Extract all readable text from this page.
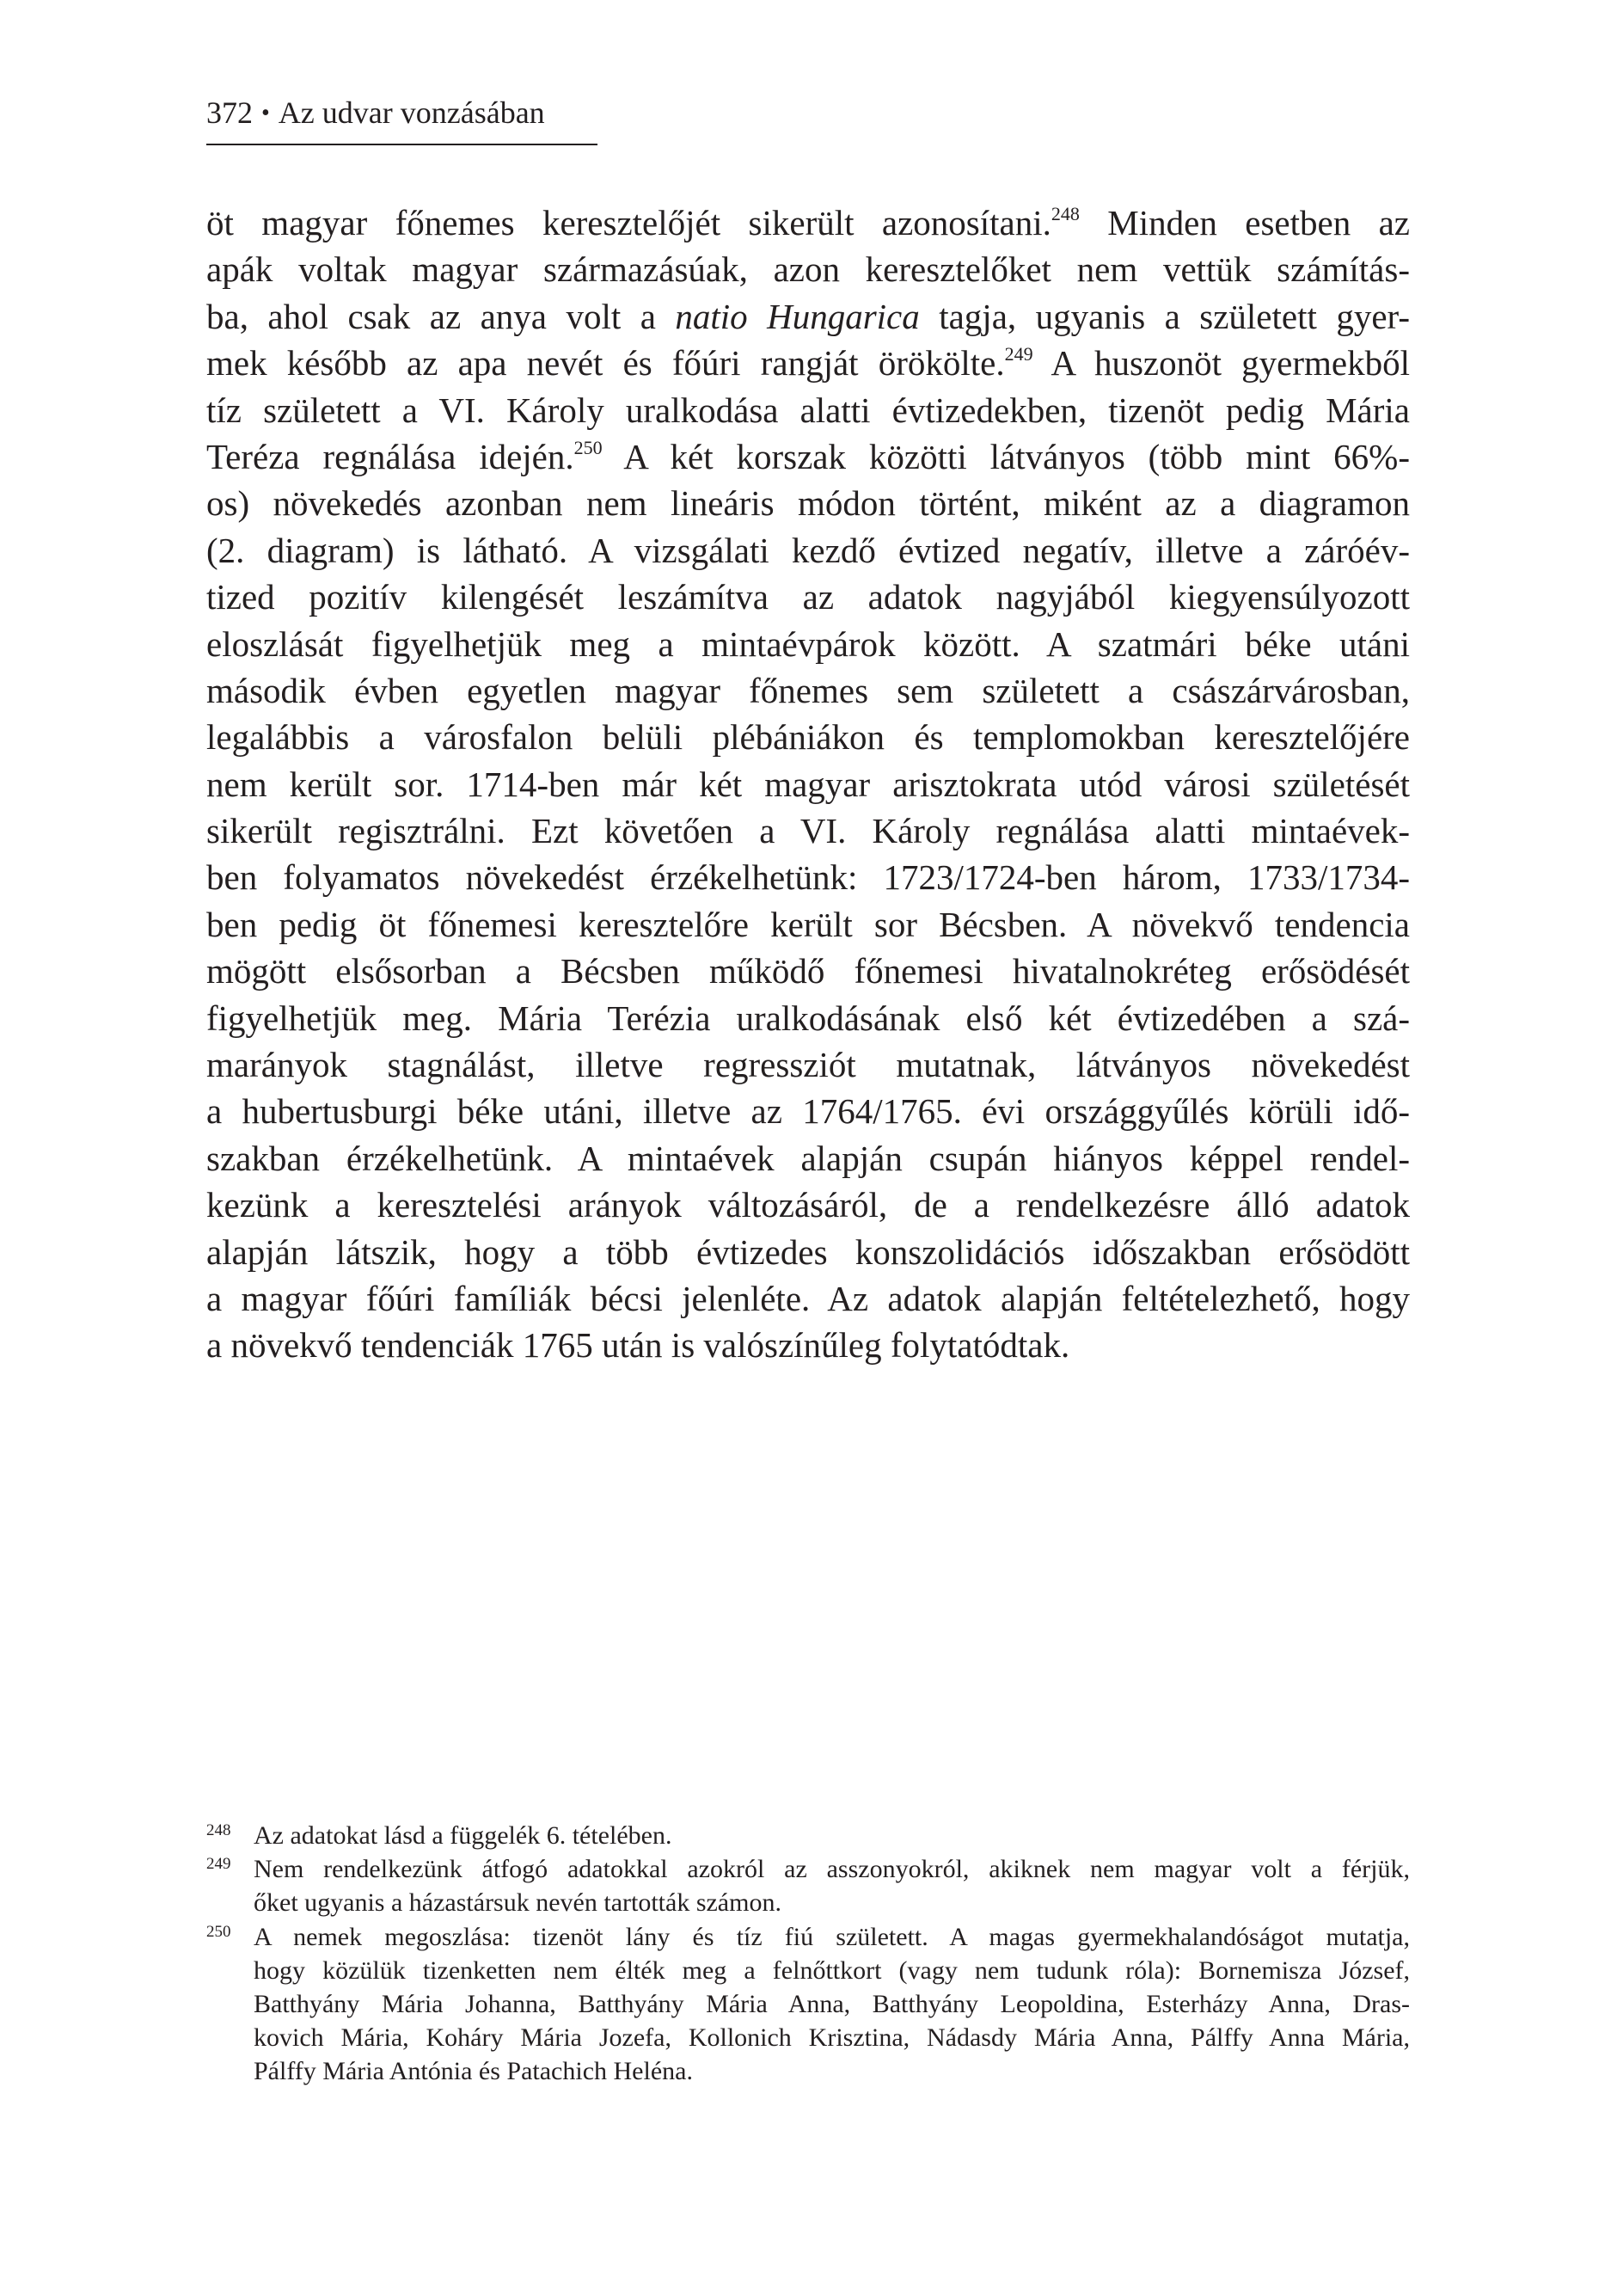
372 • Az udvar vonzásában
öt magyar főnemes keresztelőjét sikerült azonosítani.$^{248}$ Minden esetben az
apák voltak magyar származásúak, azon keresztelőket nem vettük számítás-
ba, ahol csak az anya volt a natio Hungarica tagja, ugyanis a született gyer-
mek később az apa nevét és főúri rangját örökölte.$^{249}$ A huszonöt gyermekből
tíz született a VI. Károly uralkodása alatti évtizedekben, tizenöt pedig Mária
Teréza regnálása idején.$^{250}$ A két korszak közötti látványos (több mint 66%-
os) növekedés azonban nem lineáris módon történt, miként az a diagramon
(2. diagram) is látható. A vizsgálati kezdő évtized negatív, illetve a záróév-
tized pozitív kilengését leszámítva az adatok nagyjából kiegyensúlyozott
eloszlását figyelhetjük meg a mintaévpárok között. A szatmári béke utáni
második évben egyetlen magyar főnemes sem született a császárvárosban,
legalábbis a városfalon belüli plébániákon és templomokban keresztelőjére
nem került sor. 1714-ben már két magyar arisztokrata utód városi születését
sikerült regisztrálni. Ezt követően a VI. Károly regnálása alatti mintaévek-
ben folyamatos növekedést érzékelhetünk: 1723/1724-ben három, 1733/1734-
ben pedig öt főnemesi keresztelőre került sor Bécsben. A növekvő tendencia
mögött elsősorban a Bécsben működő főnemesi hivatalnokréteg erősödését
figyelhetjük meg. Mária Terézia uralkodásának első két évtizedében a szá-
marányok stagnálást, illetve regressziót mutatnak, látványos növekedést
a hubertusburgi béke utáni, illetve az 1764/1765. évi országgyűlés körüli idő-
szakban érzékelhetünk. A mintaévek alapján csupán hiányos képpel rendel-
kezünk a keresztelési arányok változásáról, de a rendelkezésre álló adatok
alapján látszik, hogy a több évtizedes konszolidációs időszakban erősödött
a magyar főúri famíliák bécsi jelenléte. Az adatok alapján feltételezhető, hogy
a növekvő tendenciák 1765 után is valószínűleg folytatódtak.
248 Az adatokat lásd a függelék 6. tételében.
249 Nem rendelkezünk átfogó adatokkal azokról az asszonyokról, akiknek nem magyar volt a férjük,
őket ugyanis a házastársuk nevén tartották számon.
250 A nemek megoszlása: tizenöt lány és tíz fiú született. A magas gyermekhalandóságot mutatja,
hogy közülük tizenketten nem élték meg a felnőttkort (vagy nem tudunk róla): Bornemisza József,
Batthyány Mária Johanna, Batthyány Mária Anna, Batthyány Leopoldina, Esterházy Anna, Dras-
kovich Mária, Koháry Mária Jozefa, Kollonich Krisztina, Nádasdy Mária Anna, Pálffy Anna Mária,
Pálffy Mária Antónia és Patachich Heléna.
